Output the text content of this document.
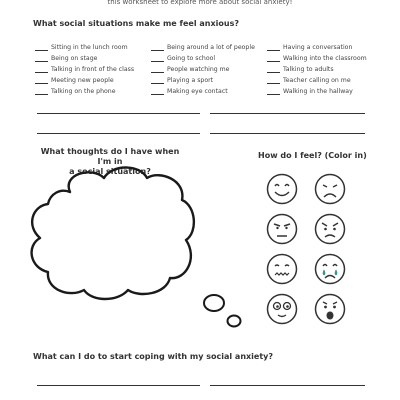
this worksheet to explore more about social anxiety!
What social situations make me feel anxious?
Sitting in the lunch room
Being on stage
Talking in front of the class
Meeting new people
Talking on the phone
Being around a lot of people
Going to school
People watching me
Playing a sport
Making eye contact
Having a conversation
Walking into the classroom
Talking to adults
Teacher calling on me
Walking in the hallway
What thoughts do I have when I'm in
a social situation?
How do I feel? (Color in)
What can I do to start coping with my social anxiety?
